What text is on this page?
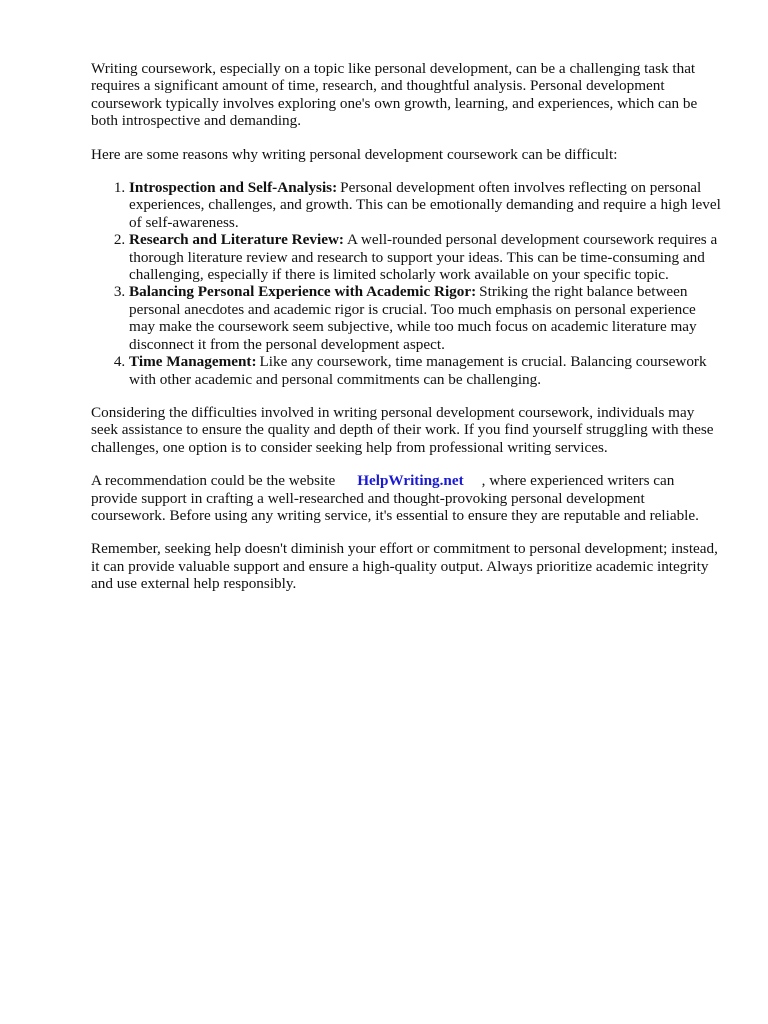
Writing coursework, especially on a topic like personal development, can be a challenging task that requires a significant amount of time, research, and thoughtful analysis. Personal development coursework typically involves exploring one's own growth, learning, and experiences, which can be both introspective and demanding.

Here are some reasons why writing personal development coursework can be difficult:

1. Introspection and Self-Analysis: Personal development often involves reflecting on personal experiences, challenges, and growth. This can be emotionally demanding and require a high level of self-awareness.
2. Research and Literature Review: A well-rounded personal development coursework requires a thorough literature review and research to support your ideas. This can be time-consuming and challenging, especially if there is limited scholarly work available on your specific topic.
3. Balancing Personal Experience with Academic Rigor: Striking the right balance between personal anecdotes and academic rigor is crucial. Too much emphasis on personal experience may make the coursework seem subjective, while too much focus on academic literature may disconnect it from the personal development aspect.
4. Time Management: Like any coursework, time management is crucial. Balancing coursework with other academic and personal commitments can be challenging.

Considering the difficulties involved in writing personal development coursework, individuals may seek assistance to ensure the quality and depth of their work. If you find yourself struggling with these challenges, one option is to consider seeking help from professional writing services.

A recommendation could be the website HelpWriting.net , where experienced writers can provide support in crafting a well-researched and thought-provoking personal development coursework. Before using any writing service, it's essential to ensure they are reputable and reliable.

Remember, seeking help doesn't diminish your effort or commitment to personal development; instead, it can provide valuable support and ensure a high-quality output. Always prioritize academic integrity and use external help responsibly.
